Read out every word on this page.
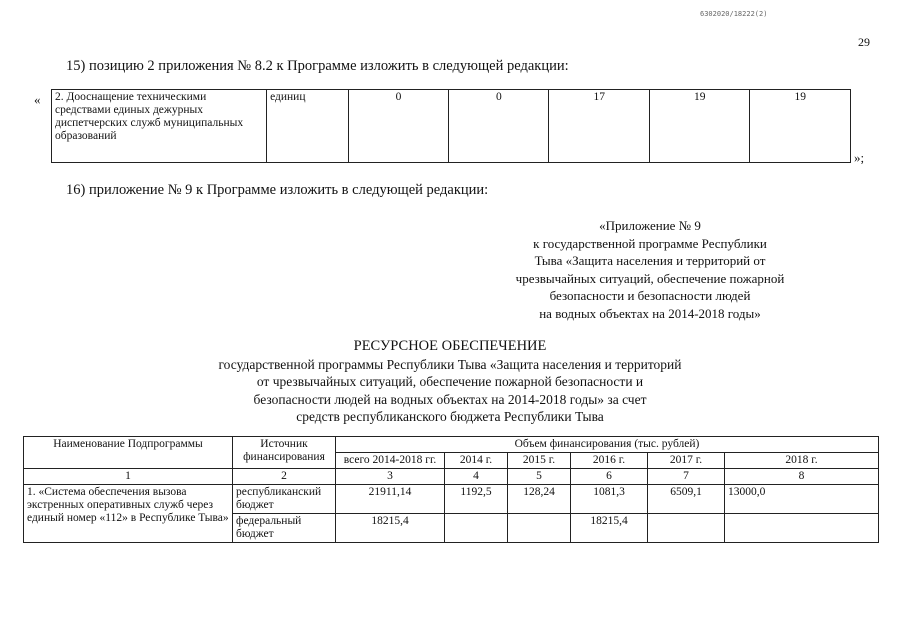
6302020/18222(2)
29
15) позицию 2 приложения № 8.2 к Программе изложить в следующей редакции:
« 2. Дооснащение техническими средствами единых дежурных диспетчерских служб муниципальных образований	единиц	0	0	17	19	19
»;
16) приложение № 9 к Программе изложить в следующей редакции:
«Приложение № 9
к государственной программе Республики
Тыва «Защита населения и территорий от
чрезвычайных ситуаций, обеспечение пожарной
безопасности и безопасности людей
на водных объектах на 2014-2018 годы»
РЕСУРСНОЕ ОБЕСПЕЧЕНИЕ
государственной программы Республики Тыва «Защита населения и территорий
от чрезвычайных ситуаций, обеспечение пожарной безопасности и
безопасности людей на водных объектах на 2014-2018 годы» за счет
средств республиканского бюджета Республики Тыва
Наименование Подпрограммы	Источник финансирования	Объем финансирования (тыс. рублей)					
		всего 2014-2018 гг.	2014 г.	2015 г.	2016 г.	2017 г.	2018 г.
1	2	3	4	5	6	7	8
1. «Система обеспечения вызова экстренных оперативных служб через единый номер «112» в Республике Тыва»	республиканский бюджет	21911,14	1192,5	128,24	1081,3	6509,1	13000,0
	федеральный бюджет	18215,4			18215,4		
